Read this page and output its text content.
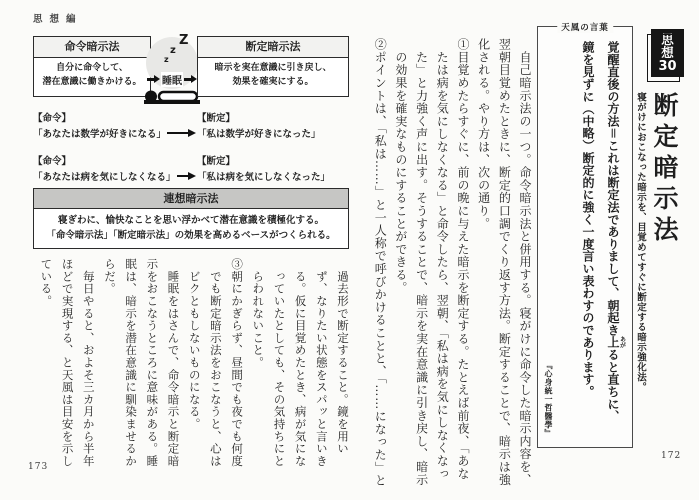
思想編
命令暗示法
自分に命令して、
潜在意識に働きかける。
Z
z
z
睡眠
断定暗示法
暗示を実在意識に引き戻し、
効果を確実にする。
【命令】	【断定】
「あなたは数学が好きになる」	「私は数学が好きになった」
【命令】	【断定】
「あなたは病を気にしなくなる」 「私は病を気にしなくなった」
連想暗示法
寝ぎわに、愉快なことを思い浮かべて潜在意識を積極化する。
「命令暗示法」「断定暗示法」の効果を高めるベースがつくられる。
　過去形で断定すること。鏡を用い
　ず、なりたい状態をスパッと言いき
　る。仮に目覚めたとき、病が気にな
　っていたとしても、その気持ちにと
　らわれないこと。
③朝にかぎらず、昼間でも夜でも何度
　でも断定暗示法をおこなうと、心は
　ビクともしないものになる。
　睡眠をはさんで、命令暗示と断定暗
示をおこなうところに意味がある。睡
眠は、暗示を潜在意識に馴染ませるか
らだ。
　毎日やると、およそ三カ月から半年
ほどで実現する、と天風は目安を示し
ている。
173	　自己暗示法の一つ。命令暗示法と併用する。寝がけに命令した暗示内容を、
翌朝目覚めたときに、断定的口調でくり返す方法。断定することで、暗示は強
化される。やり方は、次の通り。
①目覚めたらすぐに、前の晩に与えた暗示を断定する。たとえば前夜、「あな
　たは病を気にしなくなる」と命令したら、翌朝、「私は病を気にしなくなっ
　た」と力強く声に出す。そうすることで、暗示を実在意識に引き戻し、暗示
　の効果を確実なものにすることができる。
②ポイントは、「私は……」と一人称で呼びかけることと、「……になった」と
天風の言葉
覚醒直後の方法＝これは断定法でありまして、朝起き上あがると直ちに、
鏡を見ずに（中略）断定的に強く一度言い表わすのであります。
『心身統一哲醫學』
寝がけにおこなった暗示を、目覚めてすぐに断定する暗示強化法。 断定暗示法
思
想
30
172
